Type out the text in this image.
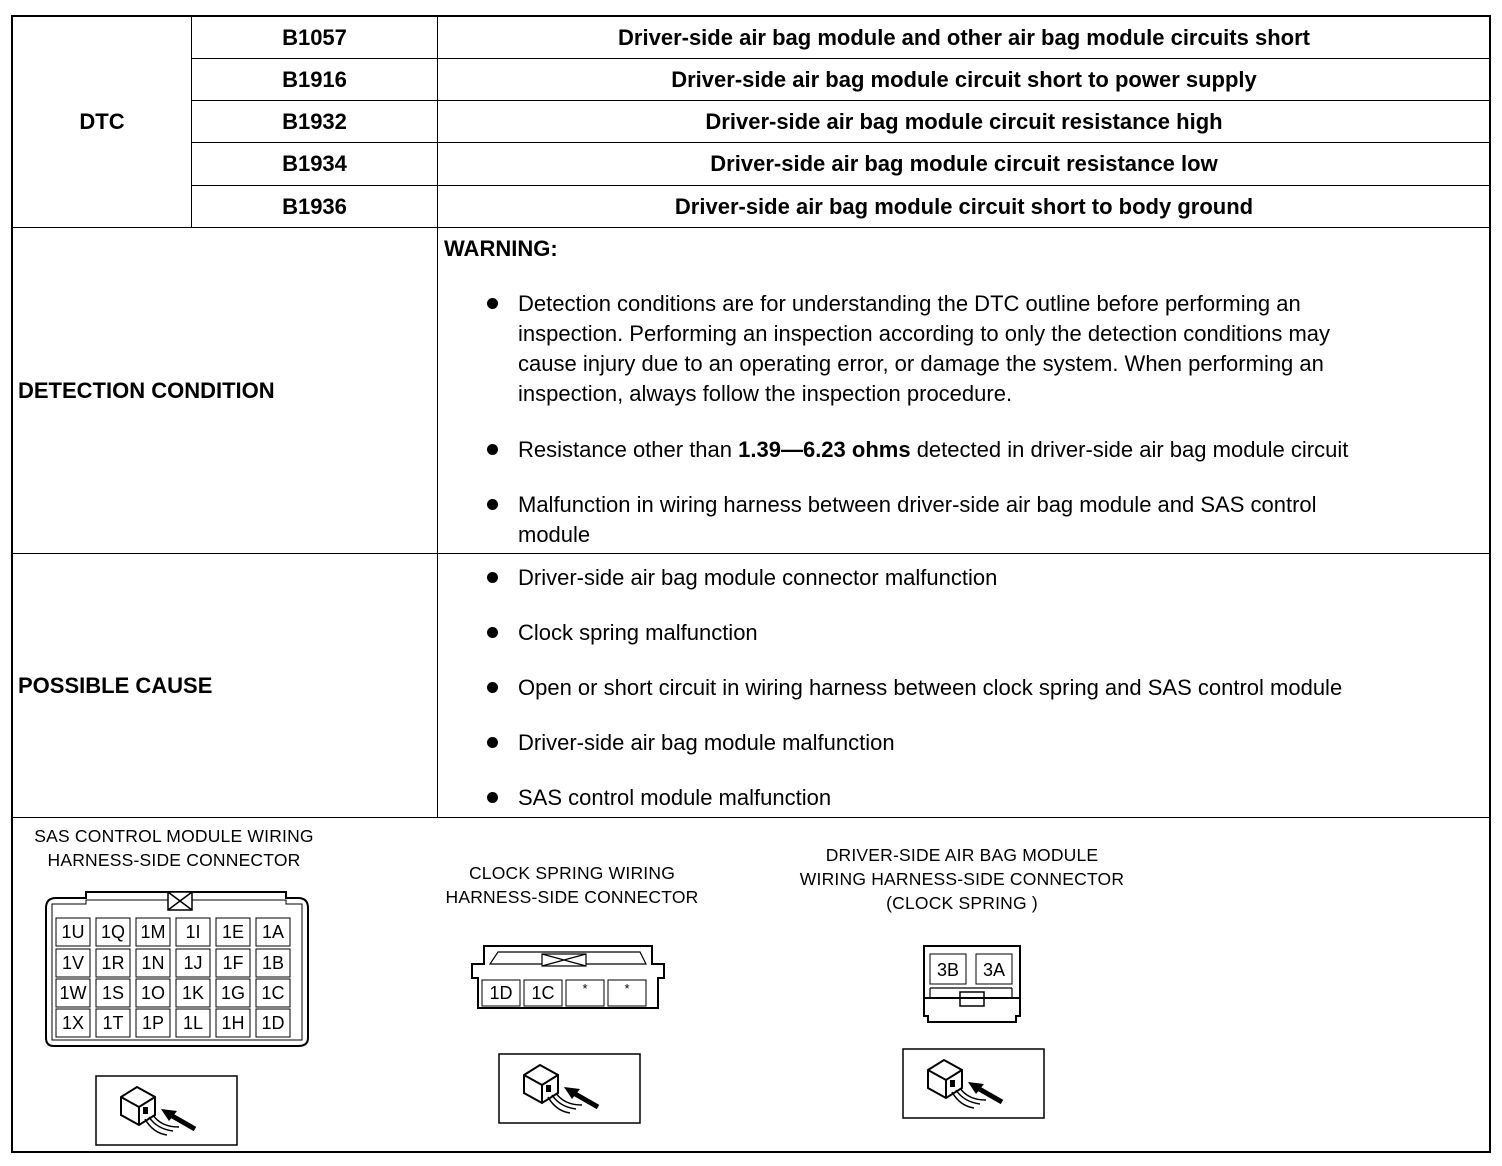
DTC
B1057	Driver-side air bag module and other air bag module circuits short
B1916	Driver-side air bag module circuit short to power supply
B1932	Driver-side air bag module circuit resistance high
B1934	Driver-side air bag module circuit resistance low
B1936	Driver-side air bag module circuit short to body ground
DETECTION CONDITION
WARNING:
Detection conditions are for understanding the DTC outline before performing an
inspection. Performing an inspection according to only the detection conditions may
cause injury due to an operating error, or damage the system. When performing an
inspection, always follow the inspection procedure.
Resistance other than 1.39—6.23 ohms detected in driver-side air bag module circuit
Malfunction in wiring harness between driver-side air bag module and SAS control
module
POSSIBLE CAUSE
Driver-side air bag module connector malfunction
Clock spring malfunction
Open or short circuit in wiring harness between clock spring and SAS control module
Driver-side air bag module malfunction
SAS control module malfunction
SAS CONTROL MODULE WIRING
HARNESS-SIDE CONNECTOR
1U 1Q 1M	1I	1E 1A
1V 1R 1N	1J	1F	1B
1W 1S 1O 1K 1G 1C
1X	1T	1P	1L	1H 1D
CLOCK SPRING WIRING
HARNESS-SIDE CONNECTOR
1D	1C	*	*
DRIVER-SIDE AIR BAG MODULE
WIRING HARNESS-SIDE CONNECTOR
(CLOCK SPRING )
3B	3A
